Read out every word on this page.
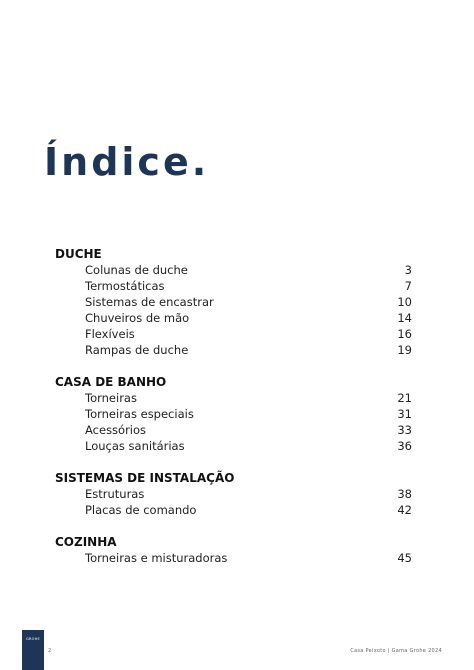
Índice.
DUCHE
Colunas de duche	3
Termostáticas	7
Sistemas de encastrar	10
Chuveiros de mão	14
Flexíveis	16
Rampas de duche	19
CASA DE BANHO
Torneiras	21
Torneiras especiais	31
Acessórios	33
Louças sanitárias	36
SISTEMAS DE INSTALAÇÃO
Estruturas	38
Placas de comando	42
COZINHA
Torneiras e misturadoras	45
GROHE
2	Casa Peixoto | Gama Grohe 2024
